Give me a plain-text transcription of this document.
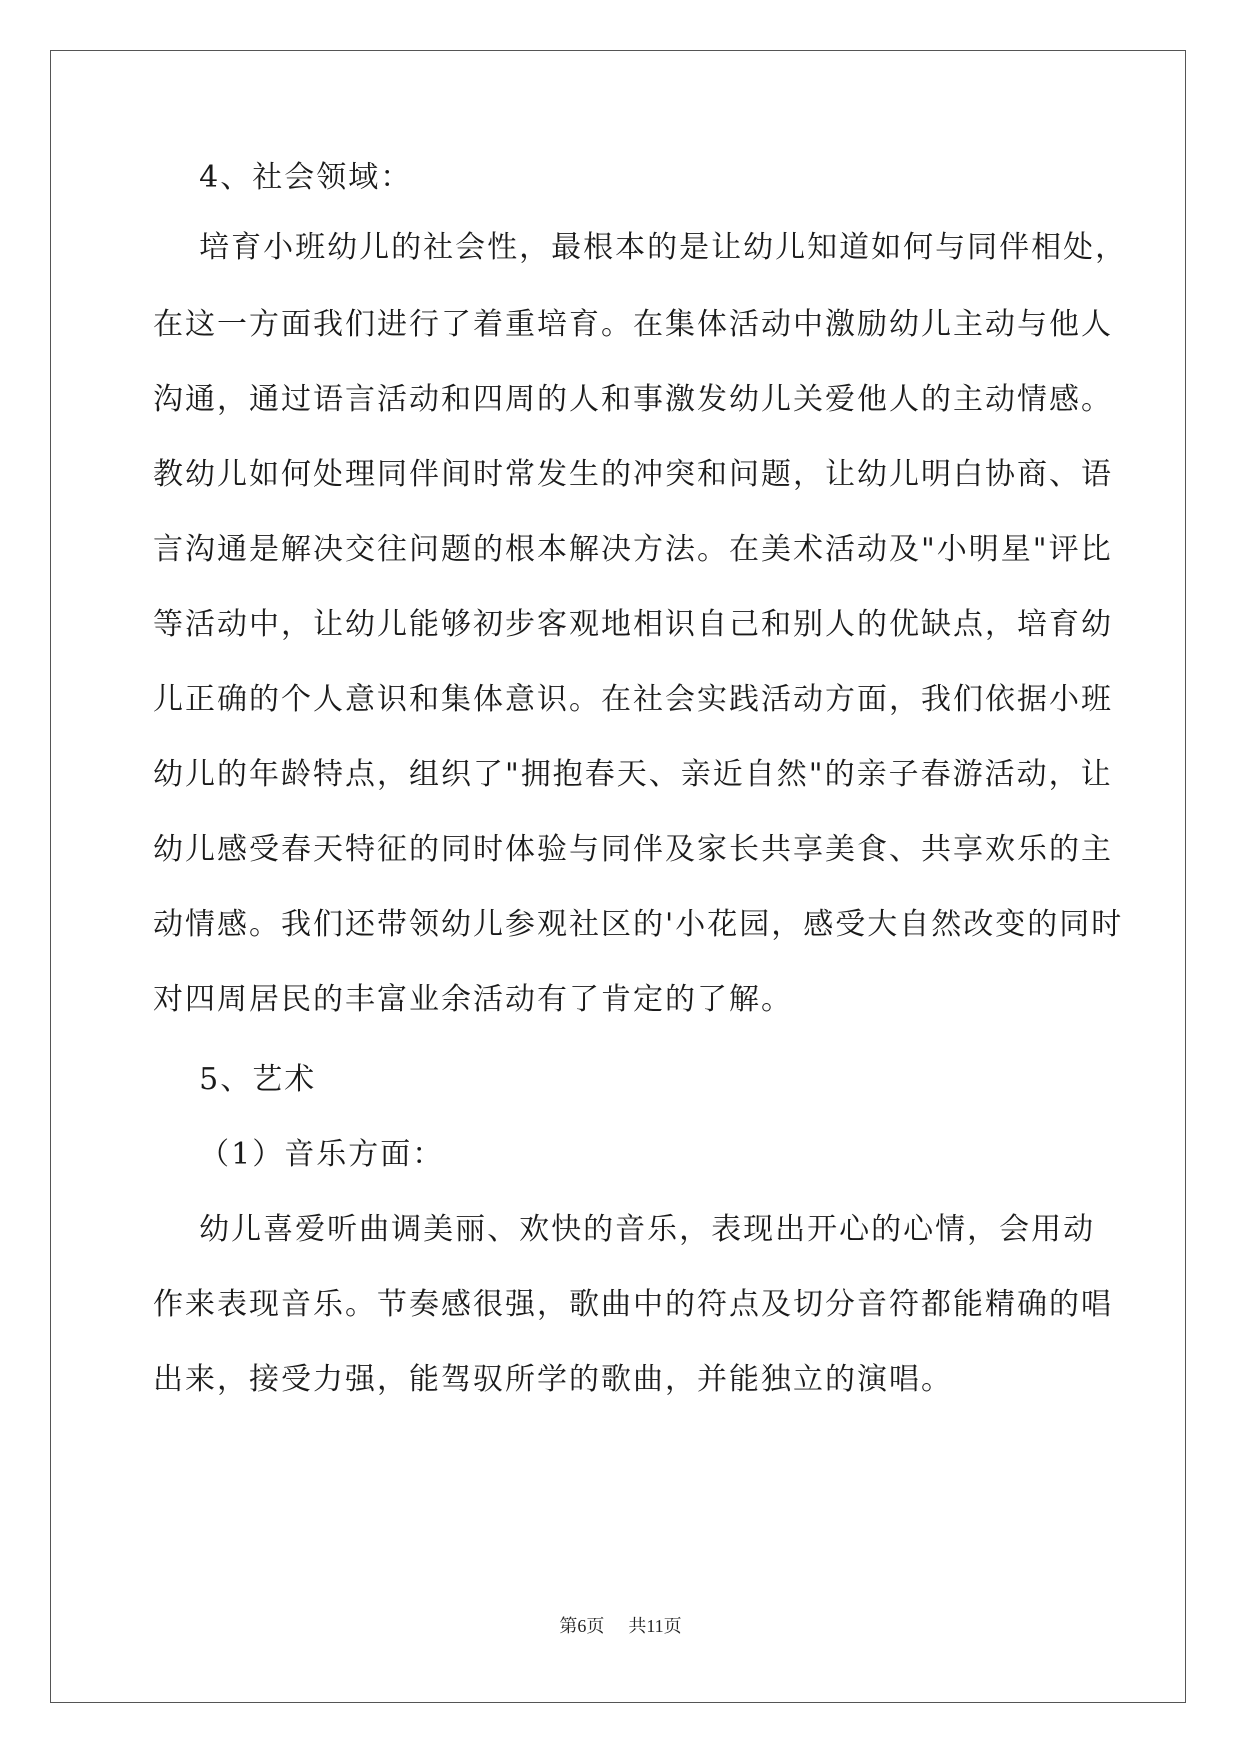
4、社会领域：
培育小班幼儿的社会性，最根本的是让幼儿知道如何与同伴相处，
在这一方面我们进行了着重培育。在集体活动中激励幼儿主动与他人
沟通，通过语言活动和四周的人和事激发幼儿关爱他人的主动情感。
教幼儿如何处理同伴间时常发生的冲突和问题，让幼儿明白协商、语
言沟通是解决交往问题的根本解决方法。在美术活动及"小明星"评比
等活动中，让幼儿能够初步客观地相识自己和别人的优缺点，培育幼
儿正确的个人意识和集体意识。在社会实践活动方面，我们依据小班
幼儿的年龄特点，组织了"拥抱春天、亲近自然"的亲子春游活动，让
幼儿感受春天特征的同时体验与同伴及家长共享美食、共享欢乐的主
动情感。我们还带领幼儿参观社区的'小花园，感受大自然改变的同时
对四周居民的丰富业余活动有了肯定的了解。
5、艺术
（1）音乐方面：
幼儿喜爱听曲调美丽、欢快的音乐，表现出开心的心情，会用动
作来表现音乐。节奏感很强，歌曲中的符点及切分音符都能精确的唱
出来，接受力强，能驾驭所学的歌曲，并能独立的演唱。
第6页 共11页
